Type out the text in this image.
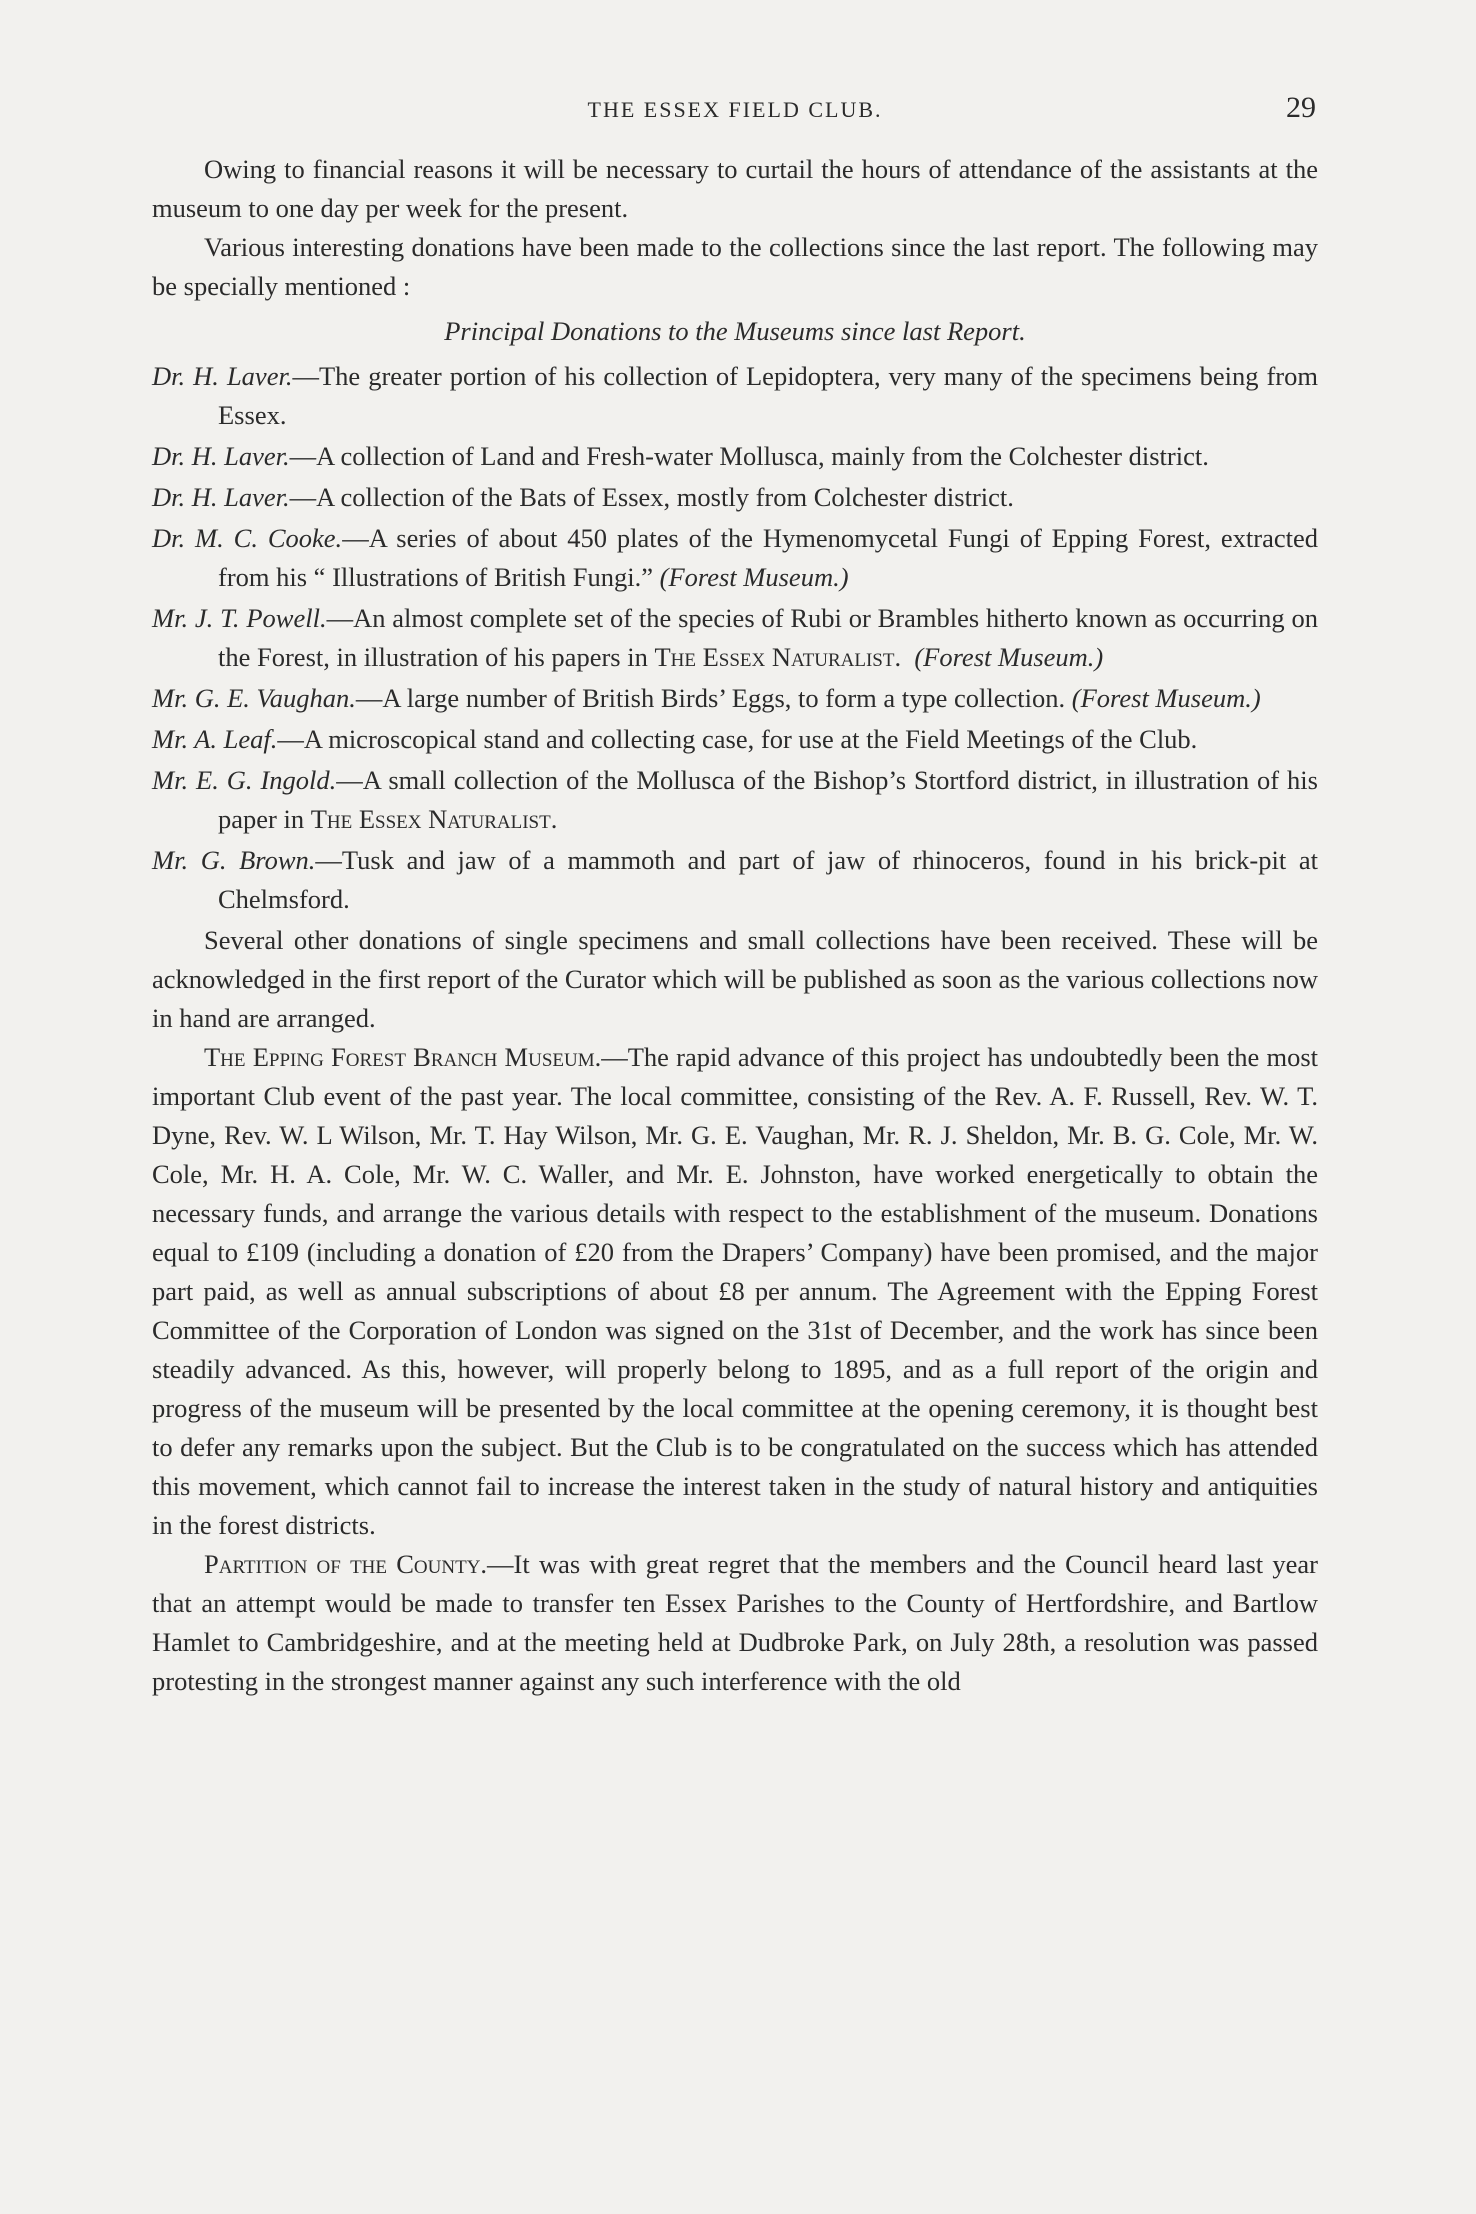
THE ESSEX FIELD CLUB.	29

Owing to financial reasons it will be necessary to curtail the hours of attendance of the assistants at the museum to one day per week for the present.

Various interesting donations have been made to the collections since the last report. The following may be specially mentioned :

Principal Donations to the Museums since last Report.

Dr. H. Laver.—The greater portion of his collection of Lepidoptera, very many of the specimens being from Essex.

Dr. H. Laver.—A collection of Land and Fresh-water Mollusca, mainly from the Colchester district.

Dr. H. Laver.—A collection of the Bats of Essex, mostly from Colchester district.

Dr. M. C. Cooke.—A series of about 450 plates of the Hymenomycetal Fungi of Epping Forest, extracted from his “ Illustrations of British Fungi.” (Forest Museum.)

Mr. J. T. Powell.—An almost complete set of the species of Rubi or Brambles hitherto known as occurring on the Forest, in illustration of his papers in The Essex Naturalist. (Forest Museum.)

Mr. G. E. Vaughan.—A large number of British Birds’ Eggs, to form a type collection. (Forest Museum.)

Mr. A. Leaf.—A microscopical stand and collecting case, for use at the Field Meetings of the Club.

Mr. E. G. Ingold.—A small collection of the Mollusca of the Bishop’s Stortford district, in illustration of his paper in The Essex Naturalist.

Mr. G. Brown.—Tusk and jaw of a mammoth and part of jaw of rhinoceros, found in his brick-pit at Chelmsford.

Several other donations of single specimens and small collections have been received. These will be acknowledged in the first report of the Curator which will be published as soon as the various collections now in hand are arranged.

The Epping Forest Branch Museum.—The rapid advance of this project has undoubtedly been the most important Club event of the past year. The local committee, consisting of the Rev. A. F. Russell, Rev. W. T. Dyne, Rev. W. L Wilson, Mr. T. Hay Wilson, Mr. G. E. Vaughan, Mr. R. J. Sheldon, Mr. B. G. Cole, Mr. W. Cole, Mr. H. A. Cole, Mr. W. C. Waller, and Mr. E. Johnston, have worked energetically to obtain the necessary funds, and arrange the various details with respect to the establishment of the museum. Donations equal to £109 (including a donation of £20 from the Drapers’ Company) have been promised, and the major part paid, as well as annual subscriptions of about £8 per annum. The Agreement with the Epping Forest Committee of the Corporation of London was signed on the 31st of December, and the work has since been steadily advanced. As this, however, will properly belong to 1895, and as a full report of the origin and progress of the museum will be presented by the local committee at the opening ceremony, it is thought best to defer any remarks upon the subject. But the Club is to be congratulated on the success which has attended this movement, which cannot fail to increase the interest taken in the study of natural history and antiquities in the forest districts.

Partition of the County.—It was with great regret that the members and the Council heard last year that an attempt would be made to transfer ten Essex Parishes to the County of Hertfordshire, and Bartlow Hamlet to Cambridgeshire, and at the meeting held at Dudbroke Park, on July 28th, a resolution was passed protesting in the strongest manner against any such interference with the old
